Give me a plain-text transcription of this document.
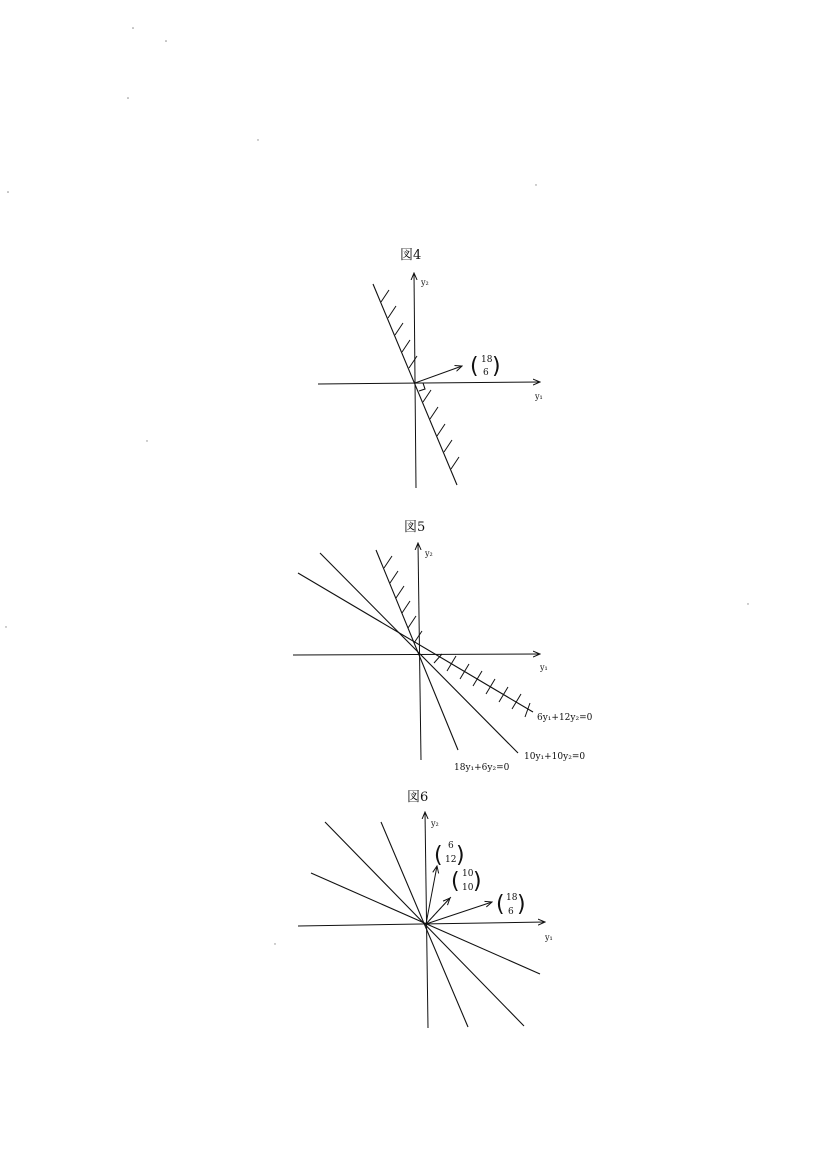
図4
y₁
y₂
( 18
6 )
図5
y₁
y₂
6y₁+12y₂=0
18y₁+6y₂=0
10y₁+10y₂=0
図6
y₁
y₂
( 6
12 )
( 10
10 )
( 18
6 )
